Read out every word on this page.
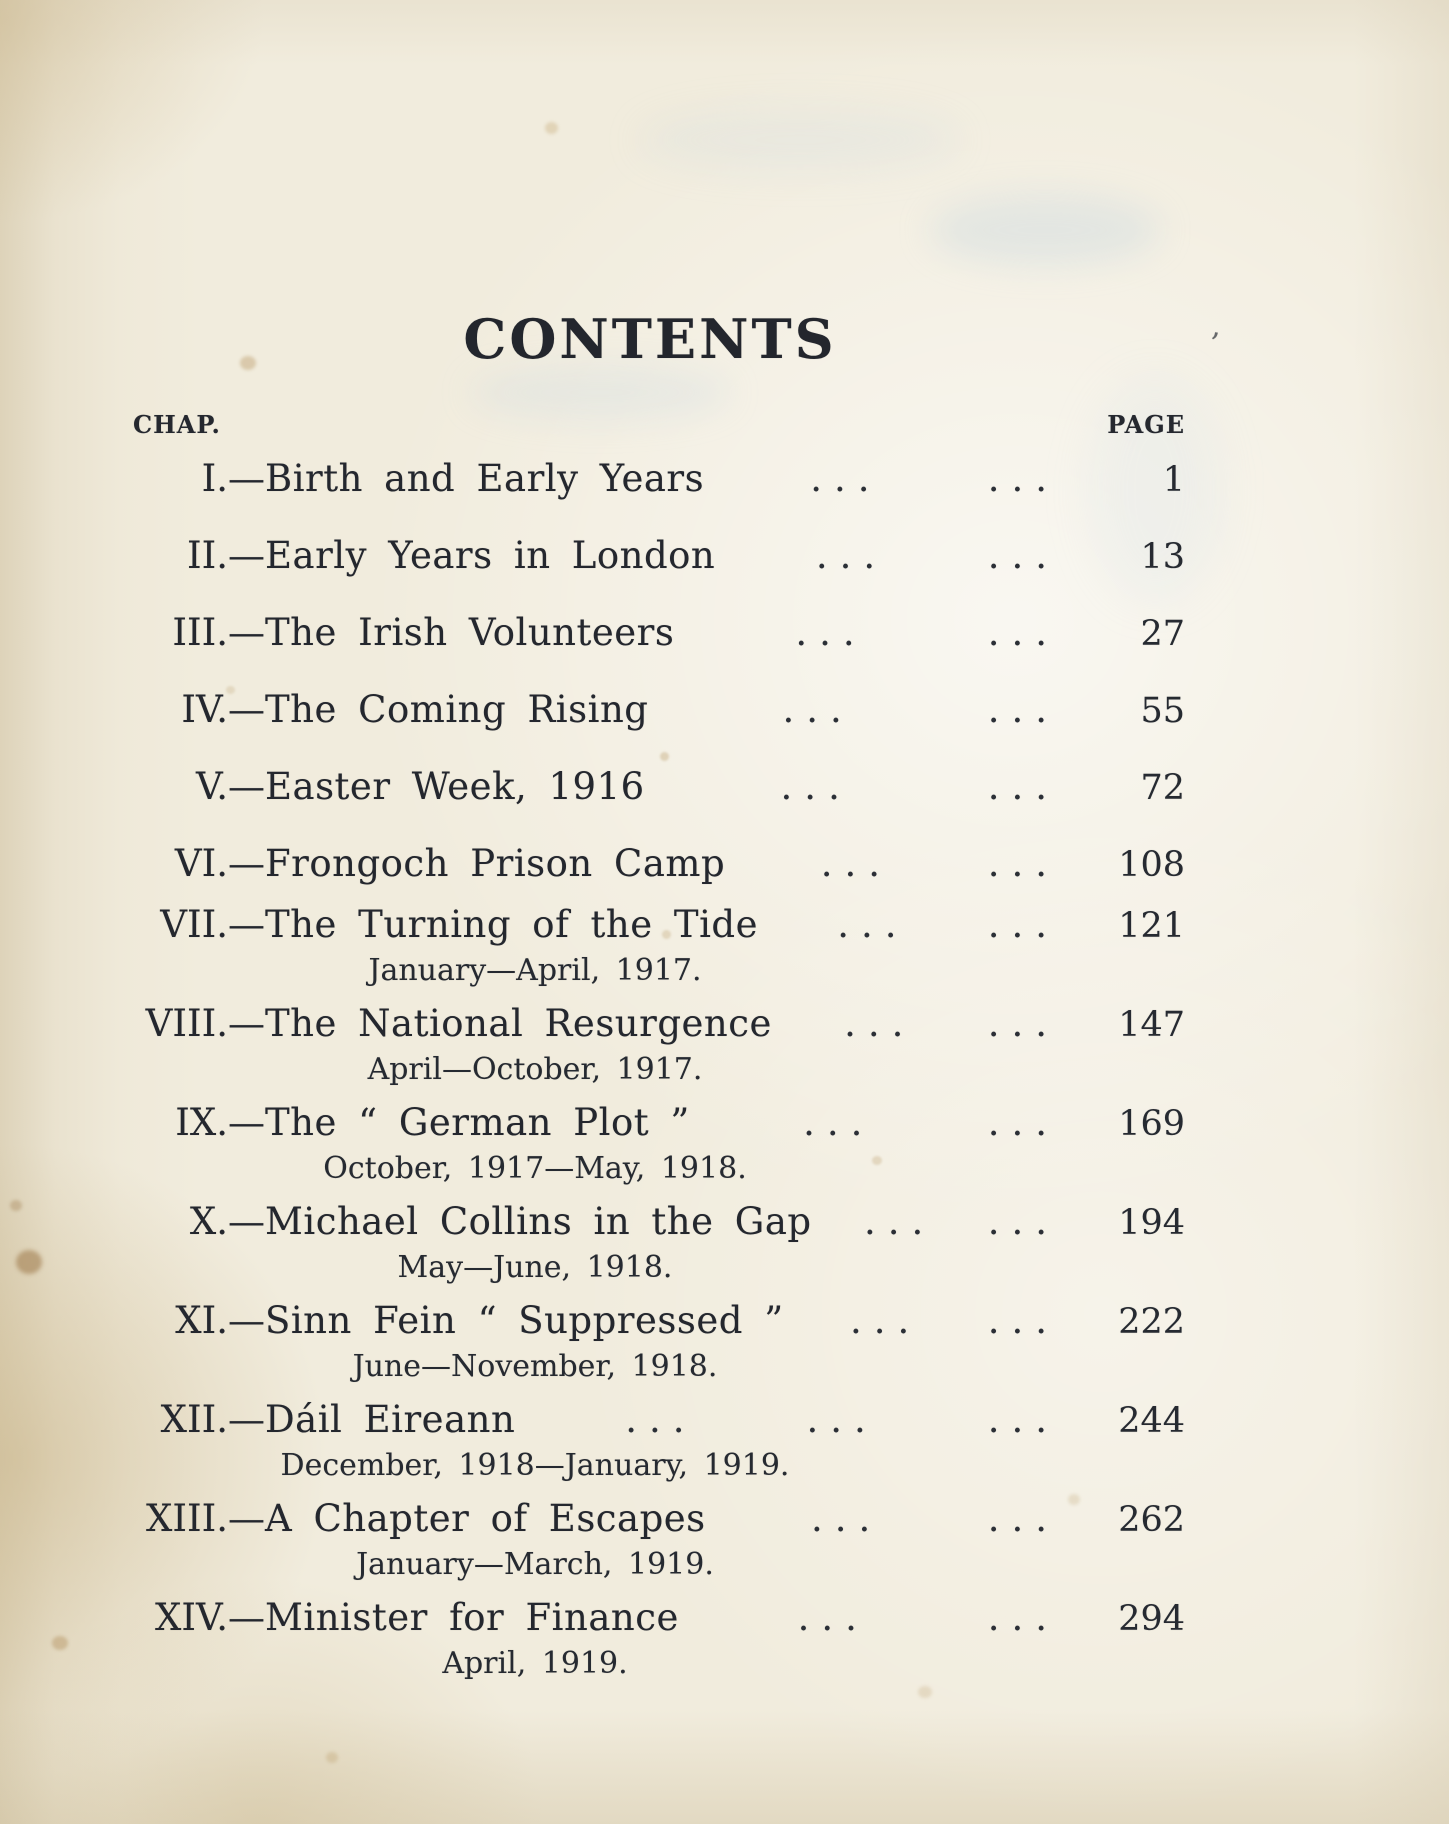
CONTENTS	’
CHAP.	PAGE
I.— Birth and Early Years	...	...	1
II.— Early Years in London	...	...	13
III.— The Irish Volunteers	...	...	27
IV.— The Coming Rising	...	...	55
V.— Easter Week, 1916	...	...	72
VI.— Frongoch Prison Camp	...	...	108
VII.— The Turning of the Tide ... ...	121
January—April, 1917.
VIII.— The National Resurgence ... ...	147
April—October, 1917.
IX.— The “ German Plot ”	...	...	169
October, 1917—May, 1918.
X.— Michael Collins in the Gap ... ...	194
May—June, 1918.
XI.— Sinn Fein “ Suppressed ” ... ...	222
June—November, 1918.
XII.— Dáil Eireann	...	...	...	244
December, 1918—January, 1919.
XIII.— A Chapter of Escapes	...	...	262
January—March, 1919.
XIV.— Minister for Finance	...	...	294
April, 1919.
